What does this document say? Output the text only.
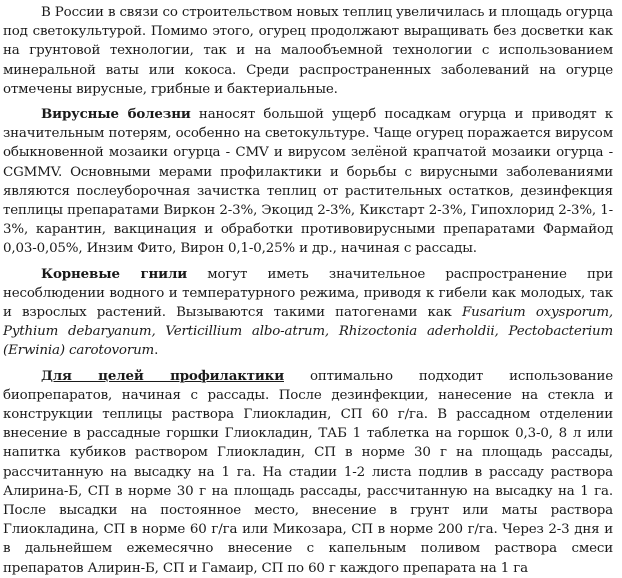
В России в связи со строительством новых теплиц увеличилась и площадь огурца под светокультурой. Помимо этого, огурец продолжают выращивать без досветки как на грунтовой технологии, так и на малообъемной технологии с использованием минеральной ваты или кокоса. Среди распространенных заболеваний на огурце отмечены вирусные, грибные и бактериальные.

Вирусные болезни наносят большой ущерб посадкам огурца и приводят к значительным потерям, особенно на светокультуре. Чаще огурец поражается вирусом обыкновенной мозаики огурца - CMV и вирусом зелёной крапчатой мозаики огурца - CGMMV. Основными мерами профилактики и борьбы с вирусными заболеваниями являются послеуборочная зачистка теплиц от растительных остатков, дезинфекция теплицы препаратами Виркон 2-3%, Экоцид 2-3%, Кикстарт 2-3%, Гипохлорид 2-3%, 1-3%, карантин, вакцинация и обработки противовирусными препаратами Фармайод 0,03-0,05%, Инзим Фито, Вирон 0,1-0,25% и др., начиная с рассады.

Корневые гнили могут иметь значительное распространение при несоблюдении водного и температурного режима, приводя к гибели как молодых, так и взрослых растений. Вызываются такими патогенами как Fusarium oxysporum, Pythium debaryanum, Verticillium albo-atrum, Rhizoctonia aderholdii, Pectobacterium (Erwinia) carotovorum.

Для целей профилактики оптимально подходит использование биопрепаратов, начиная с рассады. После дезинфекции, нанесение на стекла и конструкции теплицы раствора Глиокладин, СП 60 г/га. В рассадном отделении внесение в рассадные горшки Глиокладин, ТАБ 1 таблетка на горшок 0,3-0, 8 л или напитка кубиков раствором Глиокладин, СП в норме 30 г на площадь рассады, рассчитанную на высадку на 1 га. На стадии 1-2 листа подлив в рассаду раствора Алирина-Б, СП в норме 30 г на площадь рассады, рассчитанную на высадку на 1 га. После высадки на постоянное место, внесение в грунт или маты раствора Глиокладина, СП в норме 60 г/га или Микозара, СП в норме 200 г/га. Через 2-3 дня и в дальнейшем ежемесячно внесение с капельным поливом раствора смеси препаратов Алирин-Б, СП и Гамаир, СП по 60 г каждого препарата на 1 га
